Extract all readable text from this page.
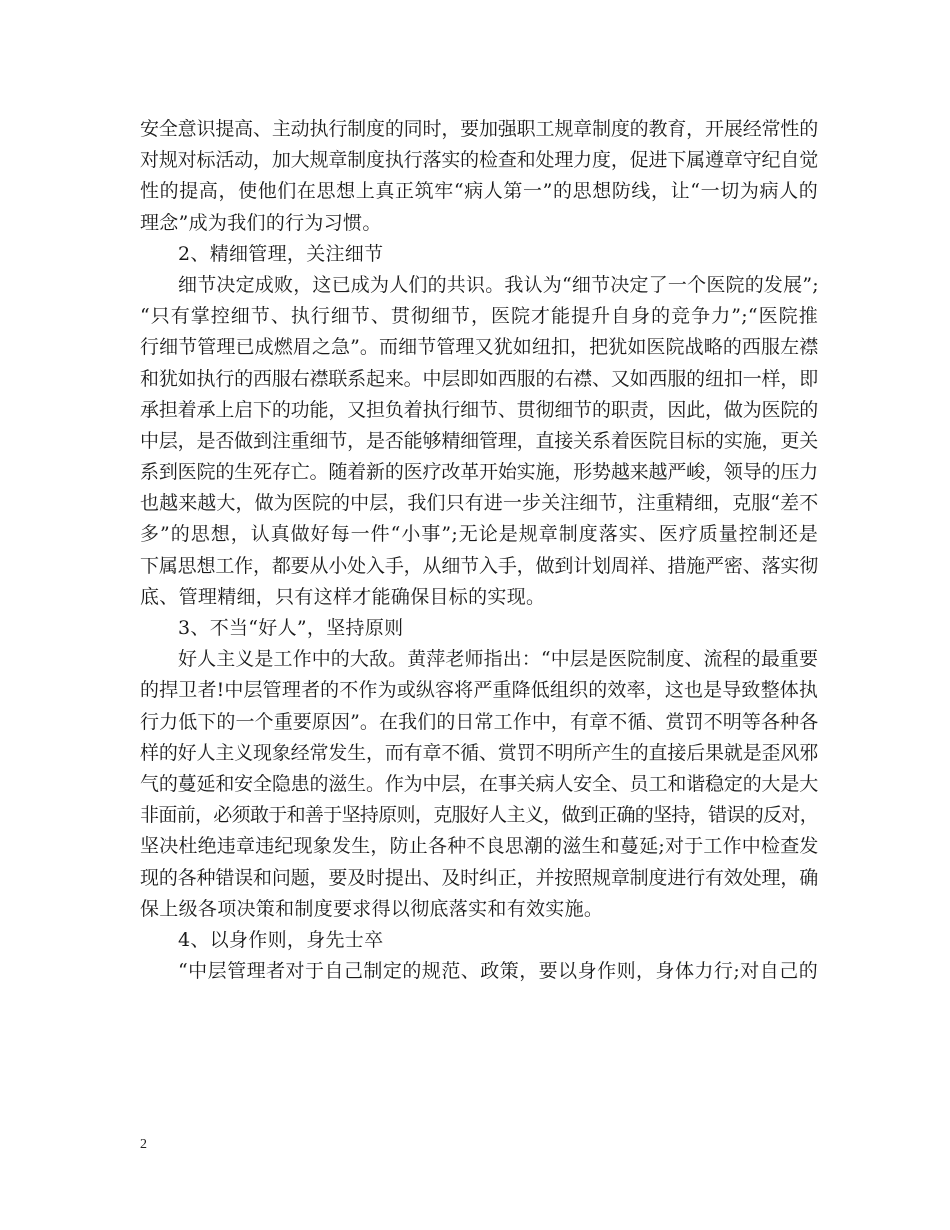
安全意识提高、主动执行制度的同时，要加强职工规章制度的教育，开展经常性的
对规对标活动，加大规章制度执行落实的检查和处理力度，促进下属遵章守纪自觉
性的提高，使他们在思想上真正筑牢“病人第一”的思想防线，让“一切为病人的
理念”成为我们的行为习惯。
2、精细管理，关注细节
细节决定成败，这已成为人们的共识。我认为“细节决定了一个医院的发展”;
“只有掌控细节、执行细节、贯彻细节，医院才能提升自身的竞争力”;“医院推
行细节管理已成燃眉之急”。而细节管理又犹如纽扣，把犹如医院战略的西服左襟
和犹如执行的西服右襟联系起来。中层即如西服的右襟、又如西服的纽扣一样，即
承担着承上启下的功能，又担负着执行细节、贯彻细节的职责，因此，做为医院的
中层，是否做到注重细节，是否能够精细管理，直接关系着医院目标的实施，更关
系到医院的生死存亡。随着新的医疗改革开始实施，形势越来越严峻，领导的压力
也越来越大，做为医院的中层，我们只有进一步关注细节，注重精细，克服“差不
多”的思想，认真做好每一件“小事”;无论是规章制度落实、医疗质量控制还是
下属思想工作，都要从小处入手，从细节入手，做到计划周祥、措施严密、落实彻
底、管理精细，只有这样才能确保目标的实现。
3、不当“好人”，坚持原则
好人主义是工作中的大敌。黄萍老师指出：“中层是医院制度、流程的最重要
的捍卫者!中层管理者的不作为或纵容将严重降低组织的效率，这也是导致整体执
行力低下的一个重要原因”。在我们的日常工作中，有章不循、赏罚不明等各种各
样的好人主义现象经常发生，而有章不循、赏罚不明所产生的直接后果就是歪风邪
气的蔓延和安全隐患的滋生。作为中层，在事关病人安全、员工和谐稳定的大是大
非面前，必须敢于和善于坚持原则，克服好人主义，做到正确的坚持，错误的反对，
坚决杜绝违章违纪现象发生，防止各种不良思潮的滋生和蔓延;对于工作中检查发
现的各种错误和问题，要及时提出、及时纠正，并按照规章制度进行有效处理，确
保上级各项决策和制度要求得以彻底落实和有效实施。
4、以身作则，身先士卒
“中层管理者对于自己制定的规范、政策，要以身作则，身体力行;对自己的
2
